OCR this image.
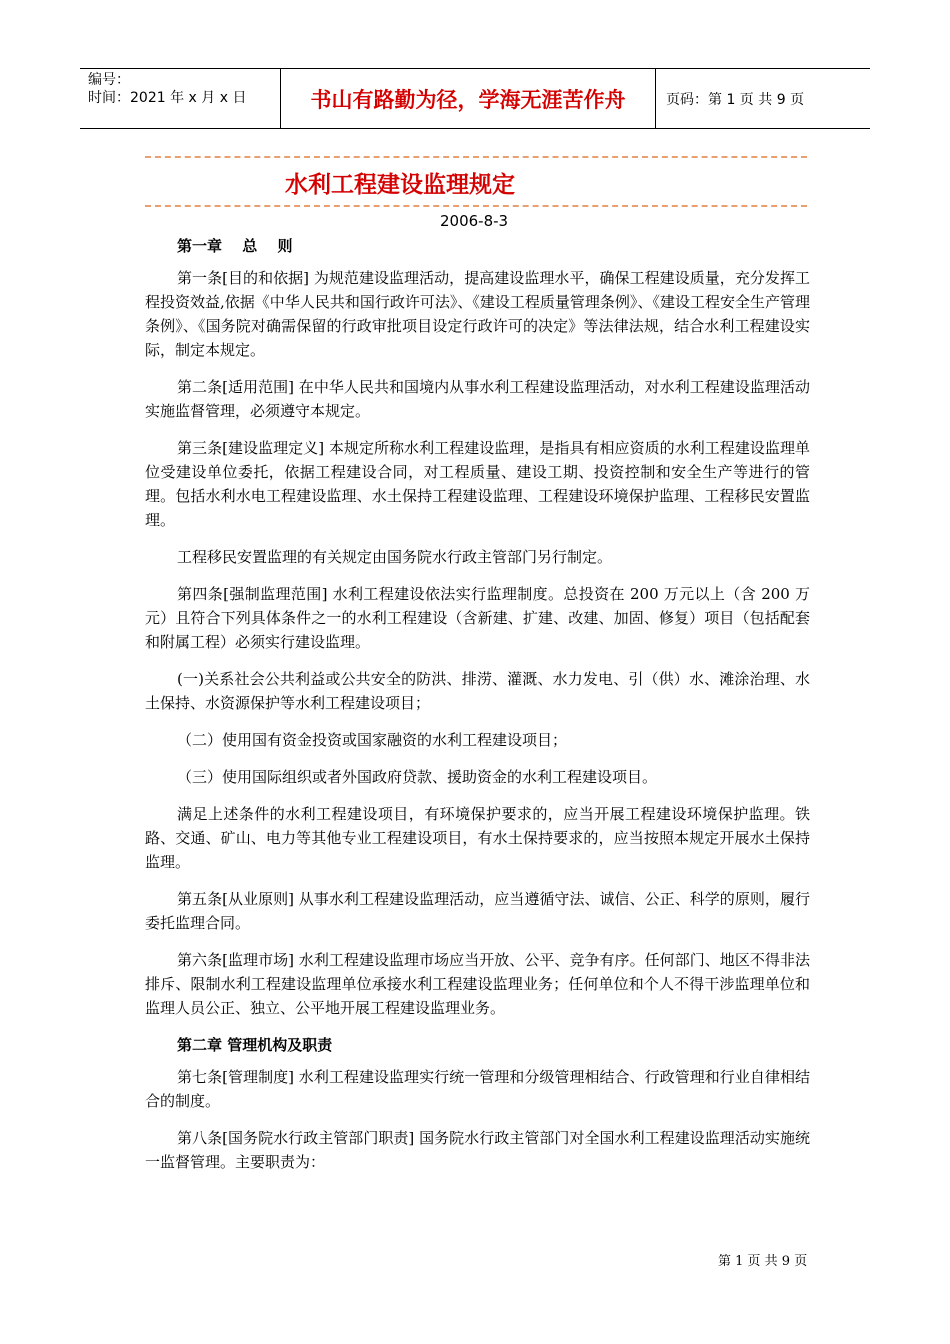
编号：
时间：2021 年 x 月 x 日	书山有路勤为径，学海无涯苦作舟	页码：第 1 页 共 9 页
水利工程建设监理规定
2006-8-3

第一章　 总　 则

第一条[目的和依据] 为规范建设监理活动，提高建设监理水平，确保工程建设质量，充分发挥工程投资效益,依据《中华人民共和国行政许可法》、《建设工程质量管理条例》、《建设工程安全生产管理条例》、《国务院对确需保留的行政审批项目设定行政许可的决定》等法律法规，结合水利工程建设实际，制定本规定。

第二条[适用范围] 在中华人民共和国境内从事水利工程建设监理活动，对水利工程建设监理活动实施监督管理，必须遵守本规定。

第三条[建设监理定义] 本规定所称水利工程建设监理，是指具有相应资质的水利工程建设监理单位受建设单位委托，依据工程建设合同，对工程质量、建设工期、投资控制和安全生产等进行的管理。包括水利水电工程建设监理、水土保持工程建设监理、工程建设环境保护监理、工程移民安置监理。

工程移民安置监理的有关规定由国务院水行政主管部门另行制定。

第四条[强制监理范围] 水利工程建设依法实行监理制度。总投资在 200 万元以上（含 200 万元）且符合下列具体条件之一的水利工程建设（含新建、扩建、改建、加固、修复）项目（包括配套和附属工程）必须实行建设监理。

(一)关系社会公共利益或公共安全的防洪、排涝、灌溉、水力发电、引（供）水、滩涂治理、水土保持、水资源保护等水利工程建设项目；

（二）使用国有资金投资或国家融资的水利工程建设项目；

（三）使用国际组织或者外国政府贷款、援助资金的水利工程建设项目。

满足上述条件的水利工程建设项目，有环境保护要求的，应当开展工程建设环境保护监理。铁路、交通、矿山、电力等其他专业工程建设项目，有水土保持要求的，应当按照本规定开展水土保持监理。

第五条[从业原则] 从事水利工程建设监理活动，应当遵循守法、诚信、公正、科学的原则，履行委托监理合同。

第六条[监理市场] 水利工程建设监理市场应当开放、公平、竞争有序。任何部门、地区不得非法排斥、限制水利工程建设监理单位承接水利工程建设监理业务；任何单位和个人不得干涉监理单位和监理人员公正、独立、公平地开展工程建设监理业务。

第二章 管理机构及职责

第七条[管理制度] 水利工程建设监理实行统一管理和分级管理相结合、行政管理和行业自律相结合的制度。

第八条[国务院水行政主管部门职责] 国务院水行政主管部门对全国水利工程建设监理活动实施统一监督管理。主要职责为：

第 1 页 共 9 页
